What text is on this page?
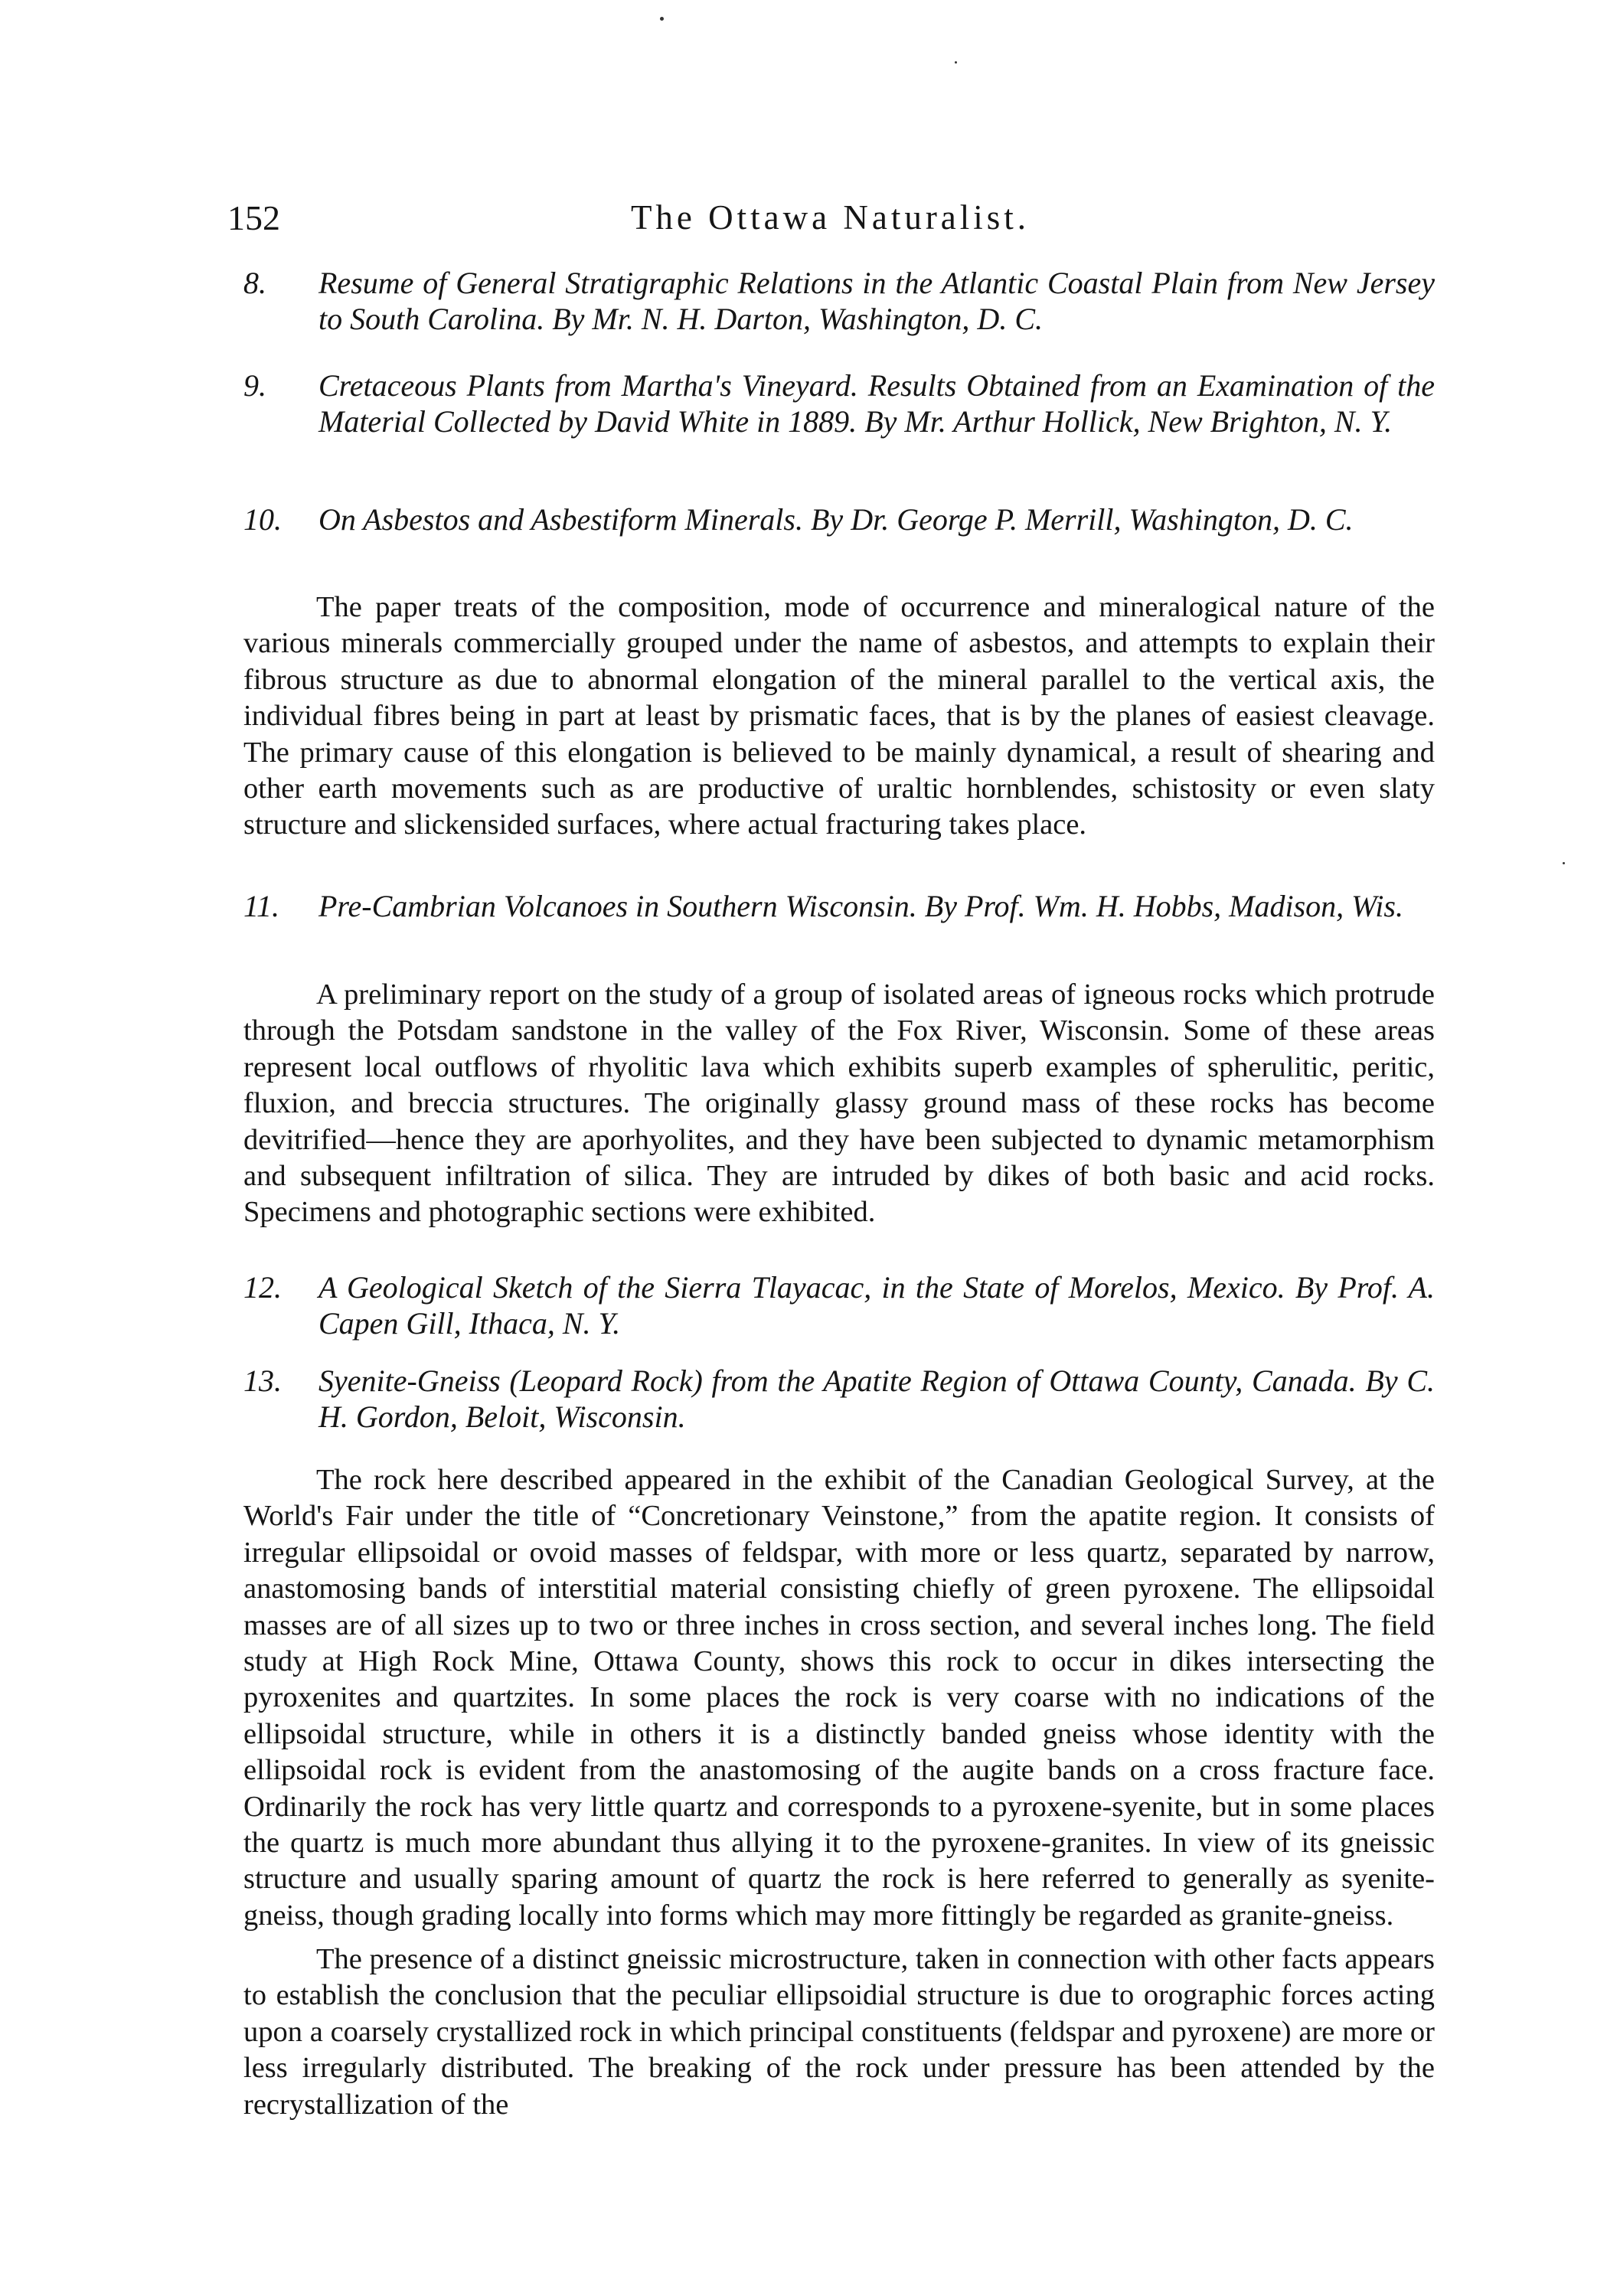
152	The Ottawa Naturalist.
8.	Resume of General Stratigraphic Relations in the Atlantic Coastal Plain from New Jersey to South Carolina. By Mr. N. H. Darton, Washington, D. C.
9.	Cretaceous Plants from Martha's Vineyard. Results Obtained from an Examination of the Material Collected by David White in 1889. By Mr. Arthur Hollick, New Brighton, N. Y.
10.	On Asbestos and Asbestiform Minerals. By Dr. George P. Merrill, Washington, D. C.

The paper treats of the composition, mode of occurrence and mineralogical nature of the various minerals commercially grouped under the name of asbestos, and attempts to explain their fibrous structure as due to abnormal elongation of the mineral parallel to the vertical axis, the individual fibres being in part at least by prismatic faces, that is by the planes of easiest cleavage. The primary cause of this elongation is believed to be mainly dynamical, a result of shearing and other earth movements such as are productive of uraltic hornblendes, schistosity or even slaty structure and slickensided surfaces, where actual fracturing takes place.

11.	Pre-Cambrian Volcanoes in Southern Wisconsin. By Prof. Wm. H. Hobbs, Madison, Wis.

A preliminary report on the study of a group of isolated areas of igneous rocks which protrude through the Potsdam sandstone in the valley of the Fox River, Wisconsin. Some of these areas represent local outflows of rhyolitic lava which exhibits superb examples of spherulitic, peritic, fluxion, and breccia structures. The originally glassy ground mass of these rocks has become devitrified—hence they are aporhyolites, and they have been subjected to dynamic metamorphism and subsequent infiltration of silica. They are intruded by dikes of both basic and acid rocks. Specimens and photographic sections were exhibited.

12.	A Geological Sketch of the Sierra Tlayacac, in the State of Morelos, Mexico. By Prof. A. Capen Gill, Ithaca, N. Y.
13.	Syenite-Gneiss (Leopard Rock) from the Apatite Region of Ottawa County, Canada. By C. H. Gordon, Beloit, Wisconsin.

The rock here described appeared in the exhibit of the Canadian Geological Survey, at the World's Fair under the title of “Concretionary Veinstone,” from the apatite region. It consists of irregular ellipsoidal or ovoid masses of feldspar, with more or less quartz, separated by narrow, anastomosing bands of interstitial material consisting chiefly of green pyroxene. The ellipsoidal masses are of all sizes up to two or three inches in cross section, and several inches long. The field study at High Rock Mine, Ottawa County, shows this rock to occur in dikes intersecting the pyroxenites and quartzites. In some places the rock is very coarse with no indications of the ellipsoidal structure, while in others it is a distinctly banded gneiss whose identity with the ellipsoidal rock is evident from the anastomosing of the augite bands on a cross fracture face. Ordinarily the rock has very little quartz and corresponds to a pyroxene-syenite, but in some places the quartz is much more abundant thus allying it to the pyroxene-granites. In view of its gneissic structure and usually sparing amount of quartz the rock is here referred to generally as syenite-gneiss, though grading locally into forms which may more fittingly be regarded as granite-gneiss.

The presence of a distinct gneissic microstructure, taken in connection with other facts appears to establish the conclusion that the peculiar ellipsoidial structure is due to orographic forces acting upon a coarsely crystallized rock in which principal constituents (feldspar and pyroxene) are more or less irregularly distributed. The breaking of the rock under pressure has been attended by the recrystallization of the
